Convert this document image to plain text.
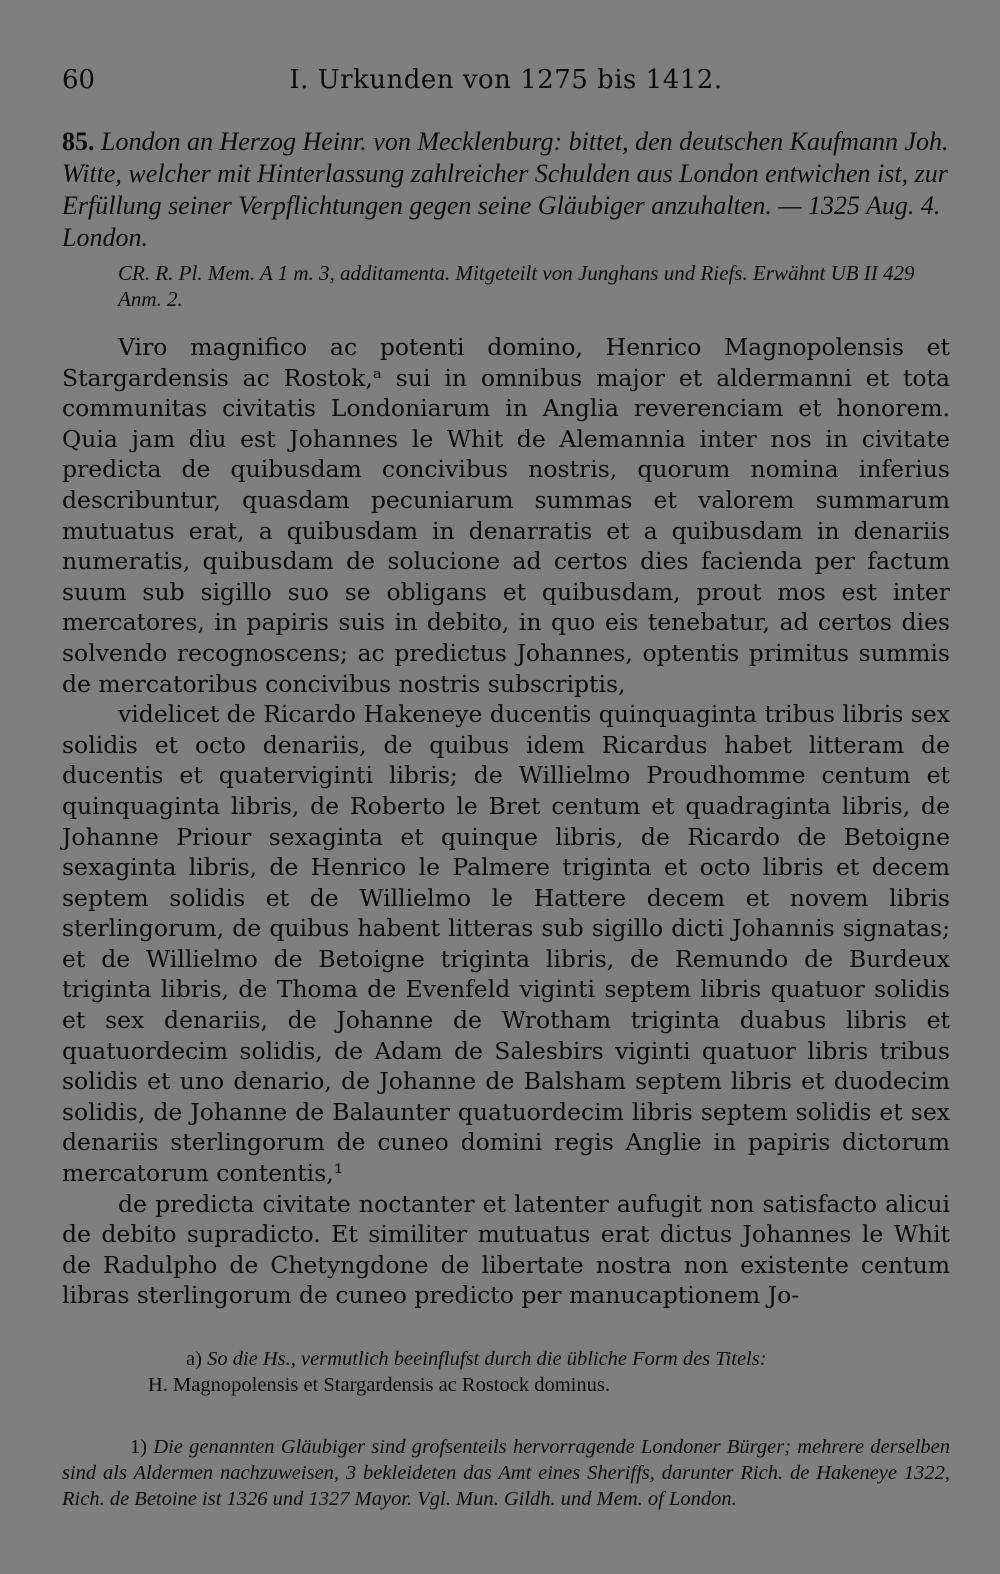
60	I. Urkunden von 1275 bis 1412.

85. London an Herzog Heinr. von Mecklenburg: bittet, den deutschen Kaufmann Joh. Witte, welcher mit Hinterlassung zahlreicher Schulden aus London entwichen ist, zur Erfüllung seiner Verpflichtungen gegen seine Gläubiger anzuhalten. — 1325 Aug. 4. London.

CR. R. Pl. Mem. A 1 m. 3, additamenta. Mitgeteilt von Junghans und Riefs. Erwähnt UB II 429 Anm. 2.

Viro magnifico ac potenti domino, Henrico Magnopolensis et Stargardensis ac Rostok,ᵃ sui in omnibus major et aldermanni et tota communitas civitatis Londoniarum in Anglia reverenciam et honorem. Quia jam diu est Johannes le Whit de Alemannia inter nos in civitate predicta de quibusdam concivibus nostris, quorum nomina inferius describuntur, quasdam pecuniarum summas et valorem summarum mutuatus erat, a quibusdam in denarratis et a quibusdam in denariis numeratis, quibusdam de solucione ad certos dies facienda per factum suum sub sigillo suo se obligans et quibusdam, prout mos est inter mercatores, in papiris suis in debito, in quo eis tenebatur, ad certos dies solvendo recognoscens; ac predictus Johannes, optentis primitus summis de mercatoribus concivibus nostris subscriptis,

videlicet de Ricardo Hakeneye ducentis quinquaginta tribus libris sex solidis et octo denariis, de quibus idem Ricardus habet litteram de ducentis et quaterviginti libris; de Willielmo Proudhomme centum et quinquaginta libris, de Roberto le Bret centum et quadraginta libris, de Johanne Priour sexaginta et quinque libris, de Ricardo de Betoigne sexaginta libris, de Henrico le Palmere triginta et octo libris et decem septem solidis et de Willielmo le Hattere decem et novem libris sterlingorum, de quibus habent litteras sub sigillo dicti Johannis signatas; et de Willielmo de Betoigne triginta libris, de Remundo de Burdeux triginta libris, de Thoma de Evenfeld viginti septem libris quatuor solidis et sex denariis, de Johanne de Wrotham triginta duabus libris et quatuordecim solidis, de Adam de Salesbirs viginti quatuor libris tribus solidis et uno denario, de Johanne de Balsham septem libris et duodecim solidis, de Johanne de Balaunter quatuordecim libris septem solidis et sex denariis sterlingorum de cuneo domini regis Anglie in papiris dictorum mercatorum contentis,¹

de predicta civitate noctanter et latenter aufugit non satisfacto alicui de debito supradicto. Et similiter mutuatus erat dictus Johannes le Whit de Radulpho de Chetyngdone de libertate nostra non existente centum libras sterlingorum de cuneo predicto per manucaptionem Jo-

a) So die Hs., vermutlich beeinflufst durch die übliche Form des Titels:
H. Magnopolensis et Stargardensis ac Rostock dominus.
1) Die genannten Gläubiger sind grofsenteils hervorragende Londoner Bürger; mehrere derselben sind als Aldermen nachzuweisen, 3 bekleideten das Amt eines Sheriffs, darunter Rich. de Hakeneye 1322, Rich. de Betoine ist 1326 und 1327 Mayor. Vgl. Mun. Gildh. und Mem. of London.
